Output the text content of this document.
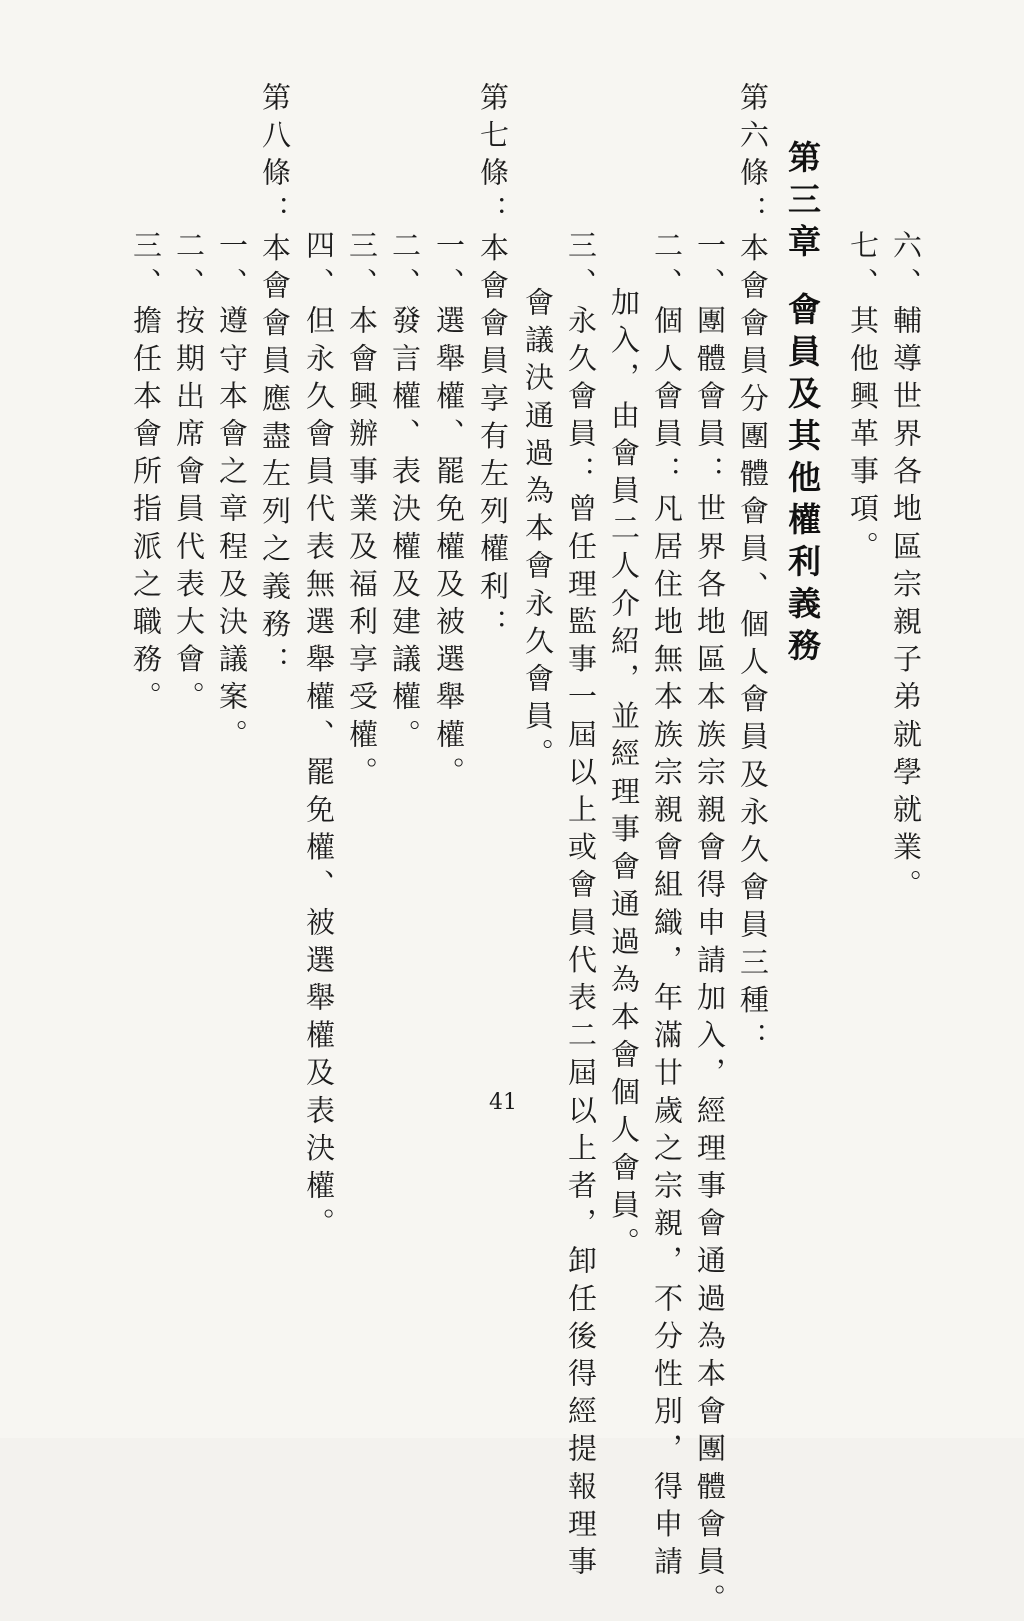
六、輔導世界各地區宗親子弟就學就業。
七、其他興革事項。
第三章會員及其他權利義務
第六條：本會會員分團體會員、個人會員及永久會員三種：
一、團體會員：世界各地區本族宗親會得申請加入，經理事會通過為本會團體會員。
二、個人會員：凡居住地無本族宗親會組織，年滿廿歲之宗親，不分性別，得申請
加入，由會員二人介紹，並經理事會通過為本會個人會員。
三、永久會員：曾任理監事一屆以上或會員代表二屆以上者，卸任後得經提報理事
會議決通過為本會永久會員。
第七條：本會會員享有左列權利：
一、選舉權、罷免權及被選舉權。
二、發言權、表決權及建議權。
三、本會興辦事業及福利享受權。
四、但永久會員代表無選舉權、罷免權、被選舉權及表決權。
第八條：本會會員應盡左列之義務：
一、遵守本會之章程及決議案。
二、按期出席會員代表大會。
三、擔任本會所指派之職務。
41
